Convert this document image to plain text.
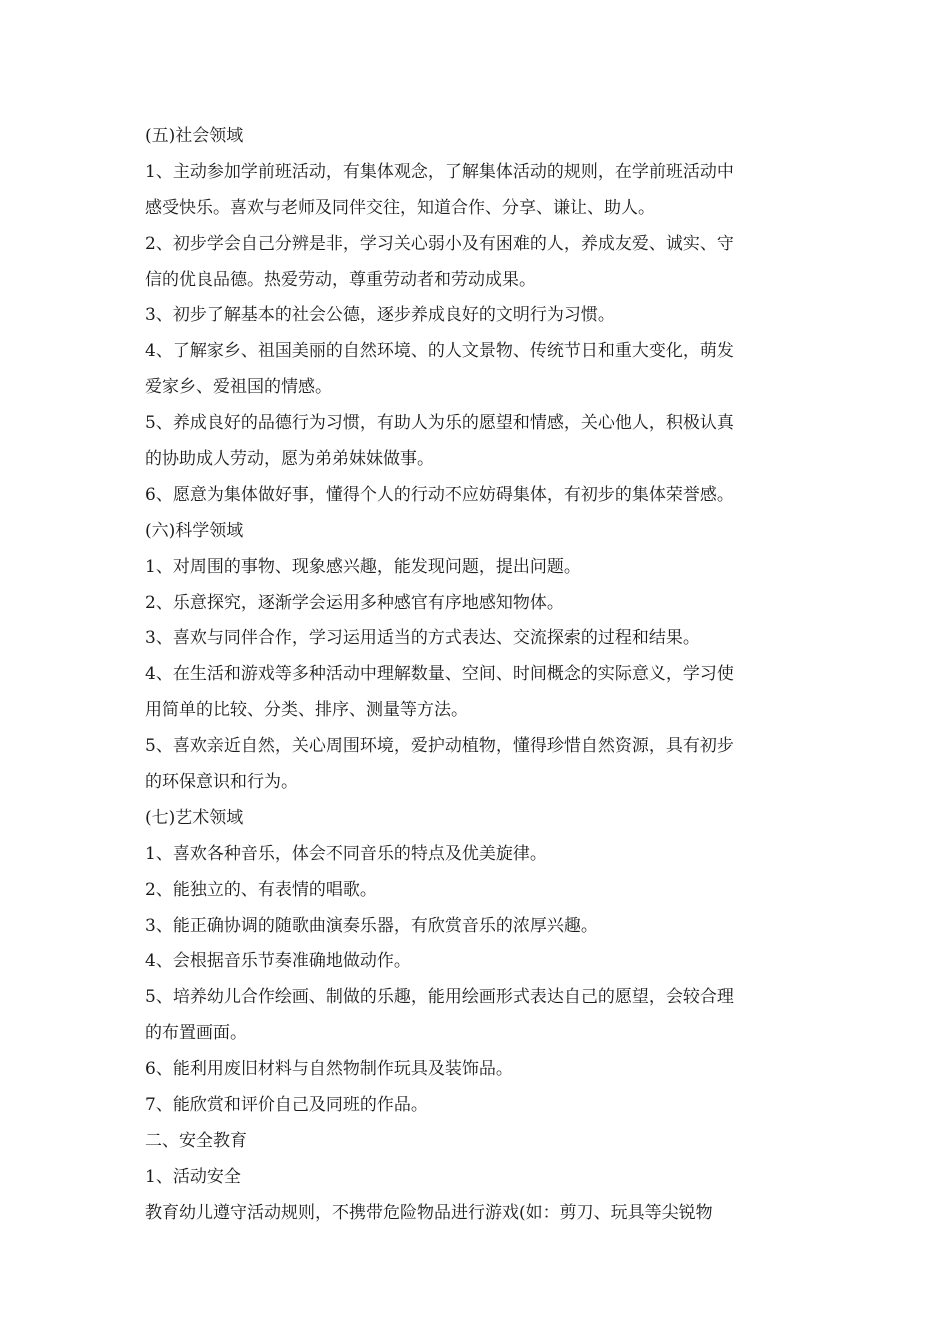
(五)社会领域
1、主动参加学前班活动，有集体观念，了解集体活动的规则，在学前班活动中
感受快乐。喜欢与老师及同伴交往，知道合作、分享、谦让、助人。
2、初步学会自己分辨是非，学习关心弱小及有困难的人，养成友爱、诚实、守
信的优良品德。热爱劳动，尊重劳动者和劳动成果。
3、初步了解基本的社会公德，逐步养成良好的文明行为习惯。
4、了解家乡、祖国美丽的自然环境、的人文景物、传统节日和重大变化，萌发
爱家乡、爱祖国的情感。
5、养成良好的品德行为习惯，有助人为乐的愿望和情感，关心他人，积极认真
的协助成人劳动，愿为弟弟妹妹做事。
6、愿意为集体做好事，懂得个人的行动不应妨碍集体，有初步的集体荣誉感。
(六)科学领域
1、对周围的事物、现象感兴趣，能发现问题，提出问题。
2、乐意探究，逐渐学会运用多种感官有序地感知物体。
3、喜欢与同伴合作，学习运用适当的方式表达、交流探索的过程和结果。
4、在生活和游戏等多种活动中理解数量、空间、时间概念的实际意义，学习使
用简单的比较、分类、排序、测量等方法。
5、喜欢亲近自然，关心周围环境，爱护动植物，懂得珍惜自然资源，具有初步
的环保意识和行为。
(七)艺术领域
1、喜欢各种音乐，体会不同音乐的特点及优美旋律。
2、能独立的、有表情的唱歌。
3、能正确协调的随歌曲演奏乐器，有欣赏音乐的浓厚兴趣。
4、会根据音乐节奏准确地做动作。
5、培养幼儿合作绘画、制做的乐趣，能用绘画形式表达自己的愿望，会较合理
的布置画面。
6、能利用废旧材料与自然物制作玩具及装饰品。
7、能欣赏和评价自己及同班的作品。
二、安全教育
1、活动安全
教育幼儿遵守活动规则，不携带危险物品进行游戏(如：剪刀、玩具等尖锐物
